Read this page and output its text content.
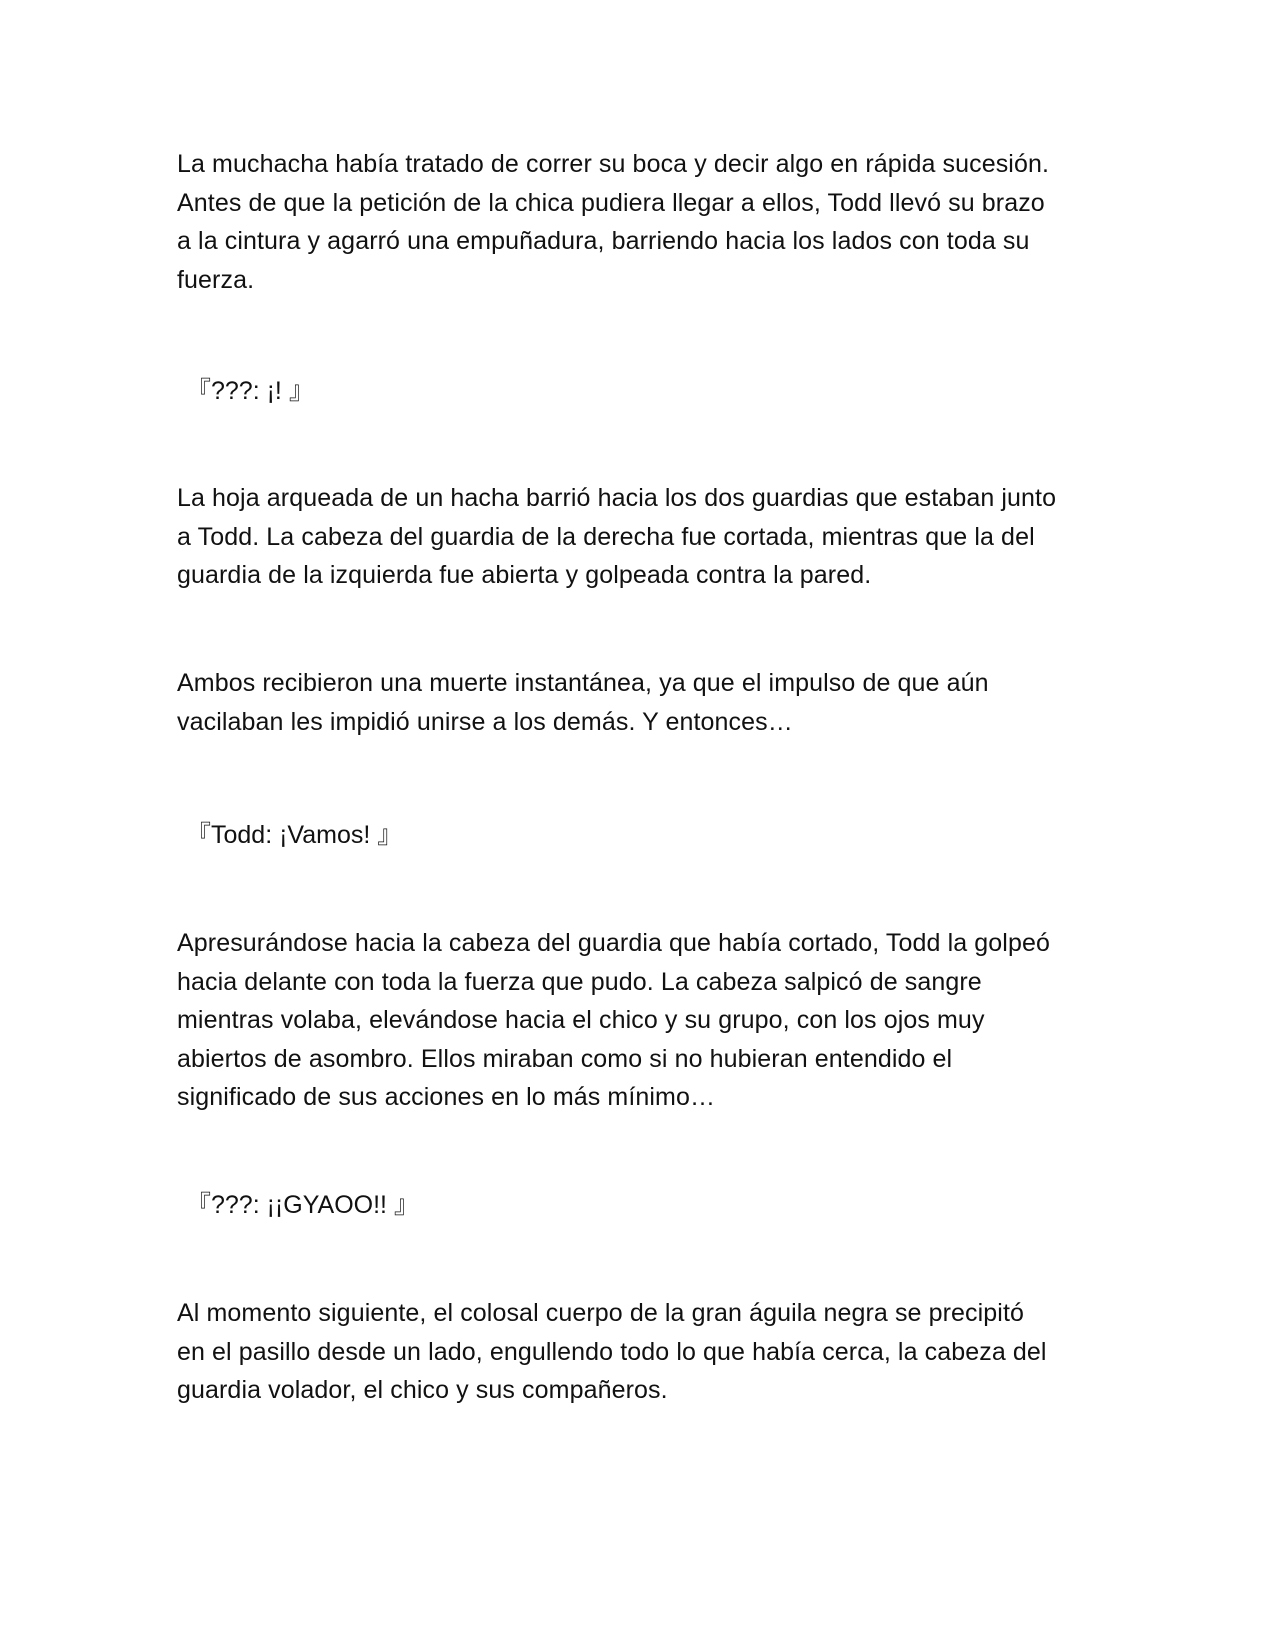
La muchacha había tratado de correr su boca y decir algo en rápida sucesión.
Antes de que la petición de la chica pudiera llegar a ellos, Todd llevó su brazo
a la cintura y agarró una empuñadura, barriendo hacia los lados con toda su
fuerza.

『???: ¡! 』

La hoja arqueada de un hacha barrió hacia los dos guardias que estaban junto
a Todd. La cabeza del guardia de la derecha fue cortada, mientras que la del
guardia de la izquierda fue abierta y golpeada contra la pared.

Ambos recibieron una muerte instantánea, ya que el impulso de que aún
vacilaban les impidió unirse a los demás. Y entonces…

『Todd: ¡Vamos! 』

Apresurándose hacia la cabeza del guardia que había cortado, Todd la golpeó
hacia delante con toda la fuerza que pudo. La cabeza salpicó de sangre
mientras volaba, elevándose hacia el chico y su grupo, con los ojos muy
abiertos de asombro. Ellos miraban como si no hubieran entendido el
significado de sus acciones en lo más mínimo…

『???: ¡¡GYAOO!! 』

Al momento siguiente, el colosal cuerpo de la gran águila negra se precipitó
en el pasillo desde un lado, engullendo todo lo que había cerca, la cabeza del
guardia volador, el chico y sus compañeros.
